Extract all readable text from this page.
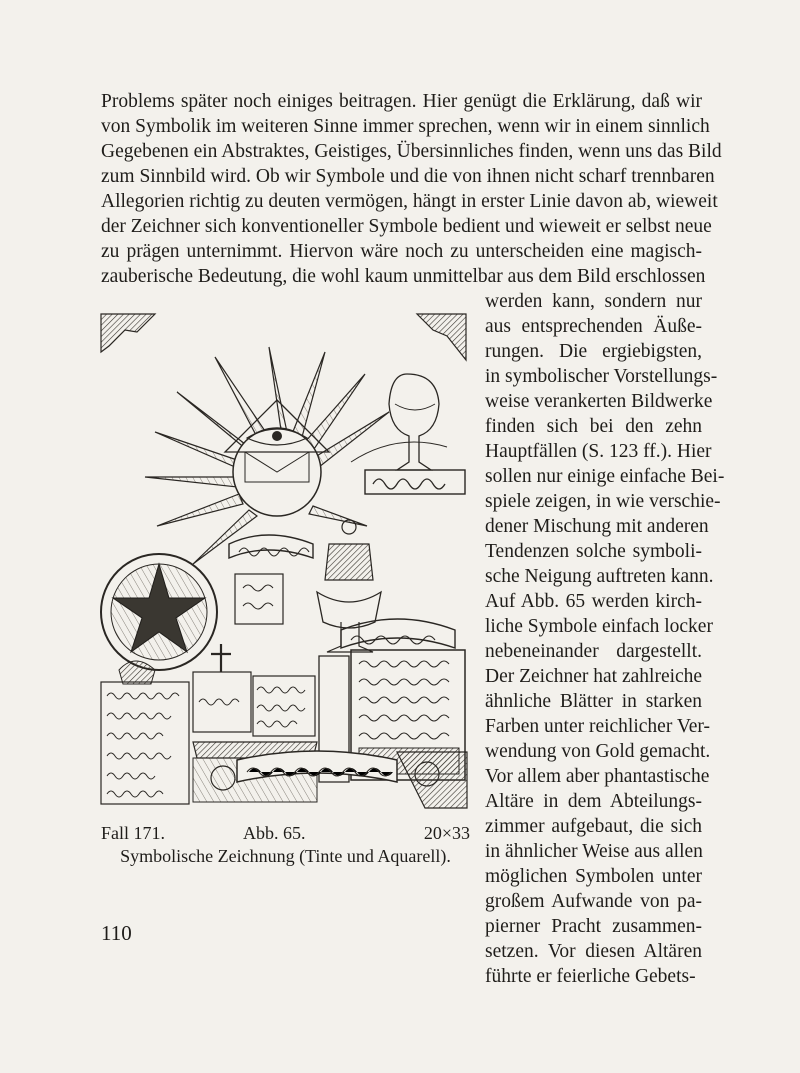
Problems später noch einiges beitragen. Hier genügt die Erklärung, daß wir
von Symbolik im weiteren Sinne immer sprechen, wenn wir in einem sinnlich
Gegebenen ein Abstraktes, Geistiges, Übersinnliches finden, wenn uns das Bild
zum Sinnbild wird. Ob wir Symbole und die von ihnen nicht scharf trennbaren
Allegorien richtig zu deuten vermögen, hängt in erster Linie davon ab, wieweit
der Zeichner sich konventioneller Symbole bedient und wieweit er selbst neue
zu prägen unternimmt. Hiervon wäre noch zu unterscheiden eine magisch-
zauberische Bedeutung, die wohl kaum unmittelbar aus dem Bild erschlossen
werden kann, sondern nur
aus entsprechenden Äuße-
rungen. Die ergiebigsten,
in symbolischer Vorstellungs-
weise verankerten Bildwerke
finden sich bei den zehn
Hauptfällen (S. 123 ff.). Hier
sollen nur einige einfache Bei-
spiele zeigen, in wie verschie-
dener Mischung mit anderen
Tendenzen solche symboli-
sche Neigung auftreten kann.
Auf Abb. 65 werden kirch-
liche Symbole einfach locker
nebeneinander dargestellt.
Der Zeichner hat zahlreiche
ähnliche Blätter in starken
Farben unter reichlicher Ver-
wendung von Gold gemacht.
Vor allem aber phantastische
Altäre in dem Abteilungs-
zimmer aufgebaut, die sich
in ähnlicher Weise aus allen
möglichen Symbolen unter
großem Aufwande von pa-
pierner Pracht zusammen-
setzen. Vor diesen Altären
führte er feierliche Gebets-
Fall 171.	Abb. 65.	20×33
Symbolische Zeichnung (Tinte und Aquarell).
110
